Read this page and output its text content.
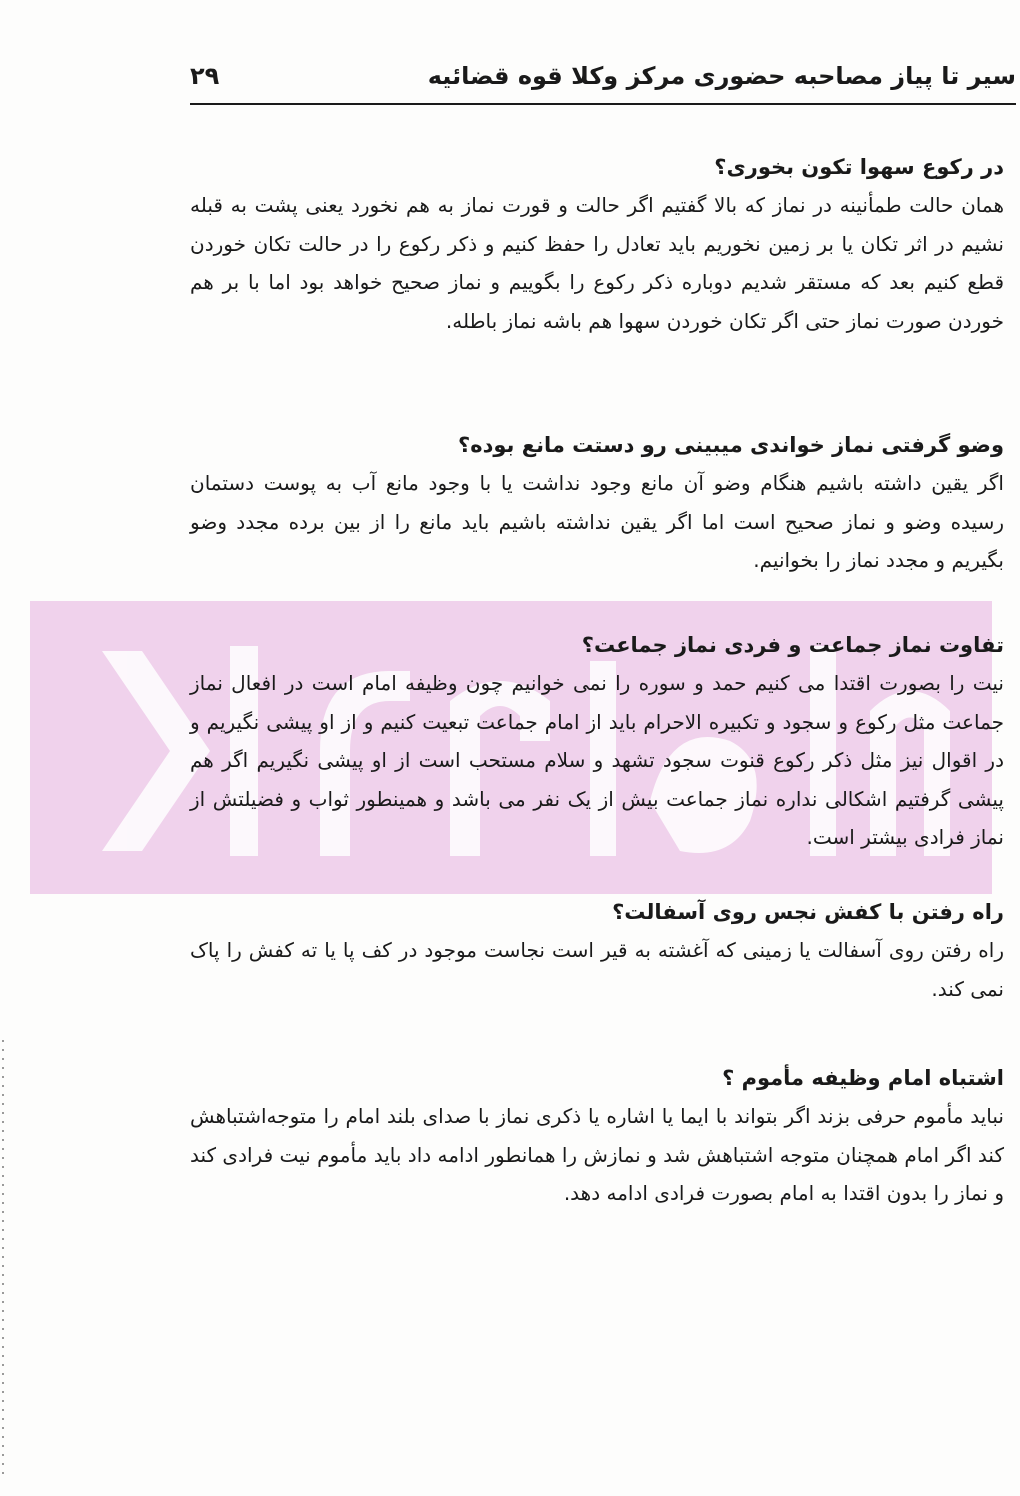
سیر تا پیاز مصاحبه حضوری مرکز وکلا قوه قضائیه
۲۹
در رکوع سهوا تکون بخوری؟

همان حالت طمأنینه در نماز که بالا گفتیم اگر حالت و قورت نماز به هم نخورد یعنی پشت به قبله نشیم در اثر تکان یا بر زمین نخوریم باید تعادل را حفظ کنیم و ذکر رکوع را در حالت تکان خوردن قطع کنیم بعد که مستقر شدیم دوباره ذکر رکوع را بگوییم و نماز صحیح خواهد بود اما با بر هم خوردن صورت نماز حتی اگر تکان خوردن سهوا هم باشه نماز باطله.

وضو گرفتی نماز خواندی میبینی رو دستت مانع بوده؟

اگر یقین داشته باشیم هنگام وضو آن مانع وجود نداشت یا با وجود مانع آب به پوست دستمان رسیده وضو و نماز صحیح است اما اگر یقین نداشته باشیم باید مانع را از بین برده مجدد وضو بگیریم و مجدد نماز را بخوانیم.

تفاوت نماز جماعت و فردی نماز جماعت؟

نیت را بصورت اقتدا می کنیم حمد و سوره را نمی خوانیم چون وظیفه امام است در افعال نماز جماعت مثل رکوع و سجود و تکبیره الاحرام باید از امام جماعت تبعیت کنیم و از او پیشی نگیریم و در اقوال نیز مثل ذکر رکوع قنوت سجود تشهد و سلام مستحب است از او پیشی نگیریم اگر هم پیشی گرفتیم اشکالی نداره نماز جماعت بیش از یک نفر می باشد و همینطور ثواب و فضیلتش از نماز فرادی بیشتر است.

راه رفتن با کفش نجس روی آسفالت؟

راه رفتن روی آسفالت یا زمینی که آغشته به قیر است نجاست موجود در کف پا یا ته کفش را پاک نمی کند.

اشتباه امام وظیفه مأموم ؟

نباید مأموم حرفی بزند اگر بتواند با ایما یا اشاره یا ذکری نماز با صدای بلند امام را متوجه‌اشتباهش کند اگر امام همچنان متوجه اشتباهش شد و نمازش را همانطور ادامه داد باید مأموم نیت فرادی کند و نماز را بدون اقتدا به امام بصورت فرادی ادامه دهد.
